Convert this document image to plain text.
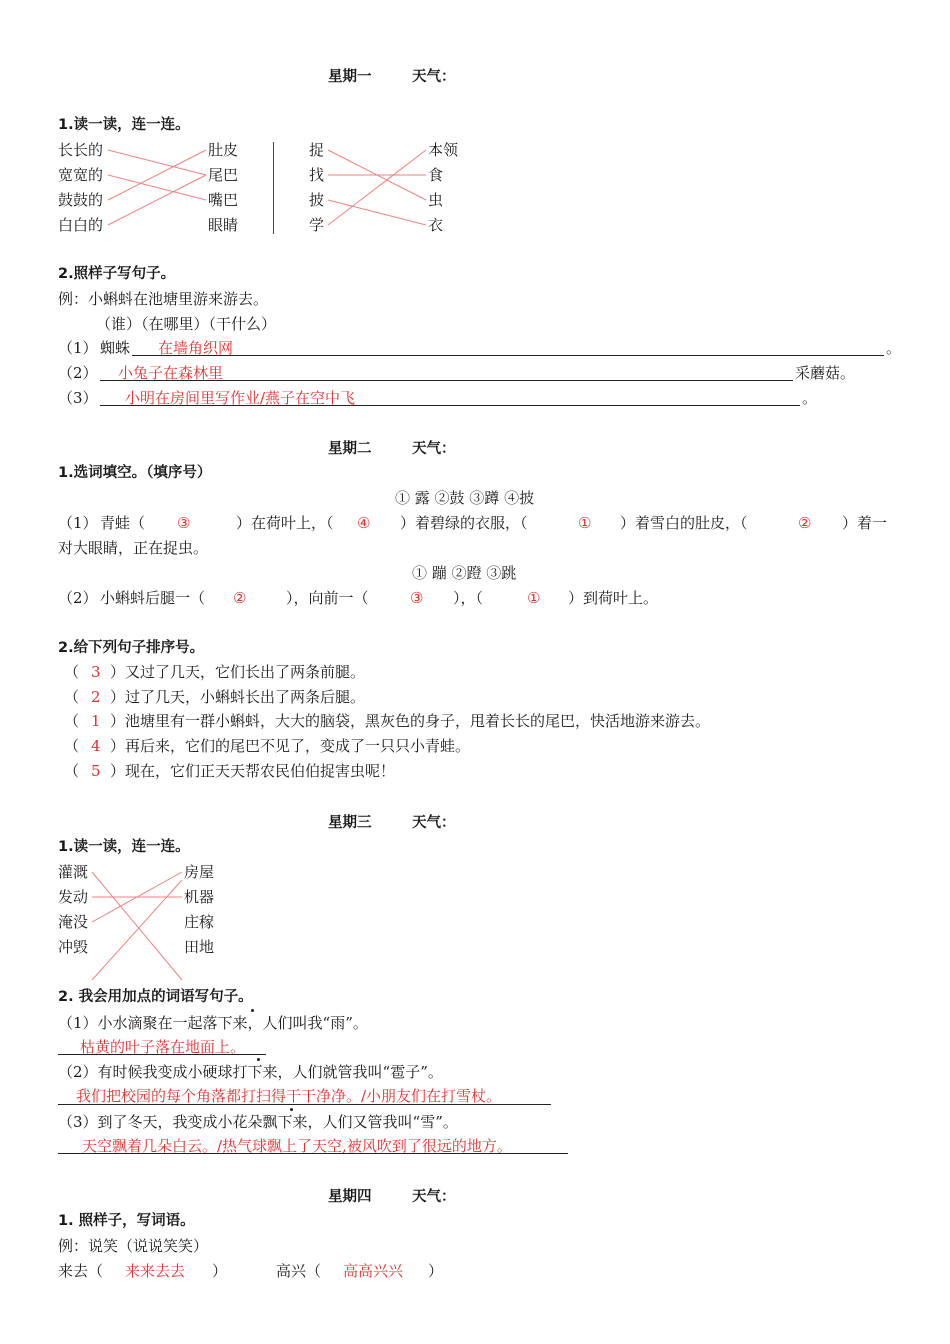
星期一	天气：
1.读一读，连一连。
长长的
宽宽的
鼓鼓的
白白的
肚皮
尾巴
嘴巴
眼睛
捉
找
披
学
本领
食
虫
衣
2.照样子写句子。
例：小蝌蚪在池塘里游来游去。
（谁）（在哪里）（干什么）
（1） 蜘蛛 在墙角织网	。
（2） 小兔子在森林里	采蘑菇。
（3） 小明在房间里写作业/燕子在空中飞	。
星期二	天气：
1.选词填空。（填序号）
① 露 ②鼓 ③蹲 ④披
（1） 青蛙（ ③	）在荷叶上，（ ④ ）着碧绿的衣服，（	① ）着雪白的肚皮，（	② ）着一
对大眼睛，正在捉虫。
① 蹦 ②蹬 ③跳
（2） 小蝌蚪后腿一（ ②	），向前一（	③ ），（	① ）到荷叶上。
2.给下列句子排序号。
（ 3 ）又过了几天，它们长出了两条前腿。
（ 2 ）过了几天，小蝌蚪长出了两条后腿。
（ 1 ）池塘里有一群小蝌蚪，大大的脑袋，黑灰色的身子，甩着长长的尾巴，快活地游来游去。
（ 4 ）再后来，它们的尾巴不见了，变成了一只只小青蛙。
（ 5 ）现在，它们正天天帮农民伯伯捉害虫呢！
星期三	天气：
1.读一读，连一连。
灌溉
发动
淹没
冲毁
房屋
机器
庄稼
田地
2. 我会用加点的词语写句子。
（1）小水滴聚在一起落下来，人们叫我“雨”。
枯黄的叶子落在地面上。
（2）有时候我变成小硬球打下来，人们就管我叫“雹子”。
我们把校园的每个角落都打扫得干干净净。/小朋友们在打雪杖。
（3）到了冬天，我变成小花朵飘下来，人们又管我叫“雪”。
天空飘着几朵白云。/热气球飘上了天空,被风吹到了很远的地方。
星期四	天气：
1. 照样子，写词语。
例：说笑（说说笑笑）
来去（ 来来去去 ）	高兴（ 高高兴兴 ）
